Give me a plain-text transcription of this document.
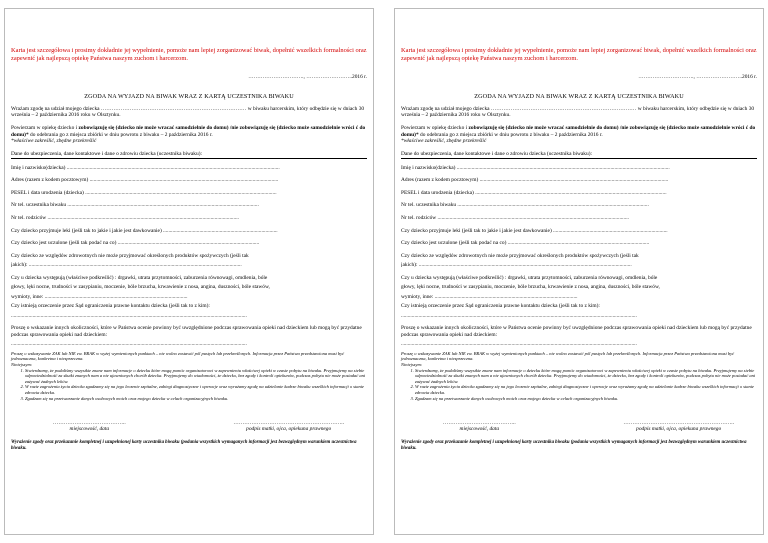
Karta jest szczegółowa i prosimy dokładnie jej wypełnienie, pomoże nam lepiej zorganizować biwak, dopełnić wszelkich formalności oraz zapewnić jak najlepszą opiekę Państwa naszym zuchom i harcerzom.
…………………………., ……………………..2016 r.
ZGODA NA WYJAZD NA BIWAK WRAZ Z KARTĄ UCZESTNIKA BIWAKU
Wrażam zgodę na udział mojego dziecka ……………………………………………………………………… w biwaku harcerskim, który odbędzie się w dniach 30 września – 2 października 2016 roku w Olsztynku.
Powierzam w opiekę dziecko i zobowiązuję się (dziecko nie może wracać samodzielnie do domu) /nie zobowiązuję się (dziecko może samodzielnie wróci ć do domu)* do odebrania go z miejsca zbiórki w dniu powrotu z biwaku – 2 października 2016 r.
*właściwe zakreślić, zbędne przekreślić
Dane do ubezpieczenia, dane kontaktowe i dane o zdrowiu dziecka (uczestnika biwaku):
Imię i nazwisko(dziecka) ..............................................................................................................................................................
Adres (razem z kodem pocztowym) ............................................................................................................................................
PESEL i data urodzenia (dziecka) ..............................................................................................................................................
Nr tel. uczestnika biwaku ..............................................................................................................................................
Nr tel. rodziców ..............................................................................................................................................
Czy dziecko przyjmuje leki (jeśli tak to jakie i jakie jest dawkowanie) .....................................................................................
Czy dziecko jest uczulone (jeśli tak podać na co) .........................................................................................................
Czy dziecko ze względów zdrowotnych nie może przyjmować określonych produktów spożywczych (jeśli tak
jakich): ..............................................................................................................................................................
Czy u dziecka występują (właściwe podkreślić) : drgawki, utrata przytomności, zaburzenia równowagi, omdlenia, bóle
głowy, lęki nocne, trudności w zasypianiu, moczenie, bóle brzucha, krwawienie z nosa, angina, duszności, bóle stawów,
wymioty, inne: ..........................................................................................................
Czy istnieją orzeczenie przez Sąd ograniczenia prawne kontaktu dziecka (jeśli tak to z kim):
...............................................................................................................................................................................
Proszę o wskazanie innych okoliczności, które w Państwa ocenie powinny być uwzględnione podczas sprawowania opieki nad dzieckiem lub mogą być przydatne podczas sprawowania opieki nad dzieckiem:
...............................................................................................................................................................................
Proszę o wskazywanie ZAK lub NIE ew. BRAK w wyżej wymienionych punktach – nie wolno zostawić pól pustych lub przekreślonych. Informacja przez Państwa przedstawiona musi być jednoznaczna, konkretna i niesprzeczna.
Niniejszym:
1. Stwierdzamy, że podaliśmy wszystkie znane nam informacje o dziecku które mogą pomóc organizatorowi w zapewnieniu właściwej opieki w czasie pobytu na biwaku. Przyjmujemy na siebie odpowiedzialność za skutki znanych nam a nie ujawnionych chorób dziecka. Przyjmujemy do wiadomości, że dziecko, bez zgody i kontroli opiekunów, podczas pobytu nie może posiadać ani zażywać żadnych leków.
2. W razie zagrożenia życia dziecka zgadzamy się na jego leczenie szpitalne, zabiegi diagnostyczne i operacje oraz wyrażamy zgodę na udzielanie kadrze biwaku wszelkich informacji o stanie zdrowia dziecka.
3. Zgadzam się na przetwarzanie danych osobowych moich oraz mojego dziecka w celach organizacyjnych biwaku.
…………………………………..
miejscowość, data
……………………………………………………..
podpis matki, ojca, opiekuna prawnego
Wyrażenie zgody oraz przekazanie kompletnej i uzupełnionej karty uczestnika biwaku (podania wszystkich wymaganych informacji jest bezwzględnym warunkiem uczestnictwa biwaku.
Karta jest szczegółowa i prosimy dokładnie jej wypełnienie, pomoże nam lepiej zorganizować biwak, dopełnić wszelkich formalności oraz zapewnić jak najlepszą opiekę Państwa naszym zuchom i harcerzom.
…………………………., ……………………..2016 r.
ZGODA NA WYJAZD NA BIWAK WRAZ Z KARTĄ UCZESTNIKA BIWAKU
Wrażam zgodę na udział mojego dziecka ……………………………………………………………………… w biwaku harcerskim, który odbędzie się w dniach 30 września – 2 października 2016 roku w Olsztynku.
Powierzam w opiekę dziecko i zobowiązuję się (dziecko nie może wracać samodzielnie do domu) /nie zobowiązuję się (dziecko może samodzielnie wróci ć do domu)* do odebrania go z miejsca zbiórki w dniu powrotu z biwaku – 2 października 2016 r.
*właściwe zakreślić, zbędne przekreślić
Dane do ubezpieczenia, dane kontaktowe i dane o zdrowiu dziecka (uczestnika biwaku):
Imię i nazwisko(dziecka) ..............................................................................................................................................................
Adres (razem z kodem pocztowym) ............................................................................................................................................
PESEL i data urodzenia (dziecka) ..............................................................................................................................................
Nr tel. uczestnika biwaku ..............................................................................................................................................
Nr tel. rodziców ..............................................................................................................................................
Czy dziecko przyjmuje leki (jeśli tak to jakie i jakie jest dawkowanie) .....................................................................................
Czy dziecko jest uczulone (jeśli tak podać na co) .........................................................................................................
Czy dziecko ze względów zdrowotnych nie może przyjmować określonych produktów spożywczych (jeśli tak
jakich): ..............................................................................................................................................................
Czy u dziecka występują (właściwe podkreślić) : drgawki, utrata przytomności, zaburzenia równowagi, omdlenia, bóle
głowy, lęki nocne, trudności w zasypianiu, moczenie, bóle brzucha, krwawienie z nosa, angina, duszności, bóle stawów,
wymioty, inne: ..........................................................................................................
Czy istnieją orzeczenie przez Sąd ograniczenia prawne kontaktu dziecka (jeśli tak to z kim):
...............................................................................................................................................................................
Proszę o wskazanie innych okoliczności, które w Państwa ocenie powinny być uwzględnione podczas sprawowania opieki nad dzieckiem lub mogą być przydatne podczas sprawowania opieki nad dzieckiem:
...............................................................................................................................................................................
Proszę o wskazywanie ZAK lub NIE ew. BRAK w wyżej wymienionych punktach – nie wolno zostawić pól pustych lub przekreślonych. Informacja przez Państwa przedstawiona musi być jednoznaczna, konkretna i niesprzeczna.
Niniejszym:
1. Stwierdzamy, że podaliśmy wszystkie znane nam informacje o dziecku które mogą pomóc organizatorowi w zapewnieniu właściwej opieki w czasie pobytu na biwaku. Przyjmujemy na siebie odpowiedzialność za skutki znanych nam a nie ujawnionych chorób dziecka. Przyjmujemy do wiadomości, że dziecko, bez zgody i kontroli opiekunów, podczas pobytu nie może posiadać ani zażywać żadnych leków.
2. W razie zagrożenia życia dziecka zgadzamy się na jego leczenie szpitalne, zabiegi diagnostyczne i operacje oraz wyrażamy zgodę na udzielanie kadrze biwaku wszelkich informacji o stanie zdrowia dziecka.
3. Zgadzam się na przetwarzanie danych osobowych moich oraz mojego dziecka w celach organizacyjnych biwaku.
…………………………………..
miejscowość, data
……………………………………………………..
podpis matki, ojca, opiekuna prawnego
Wyrażenie zgody oraz przekazanie kompletnej i uzupełnionej karty uczestnika biwaku (podania wszystkich wymaganych informacji jest bezwzględnym warunkiem uczestnictwa biwaku.
